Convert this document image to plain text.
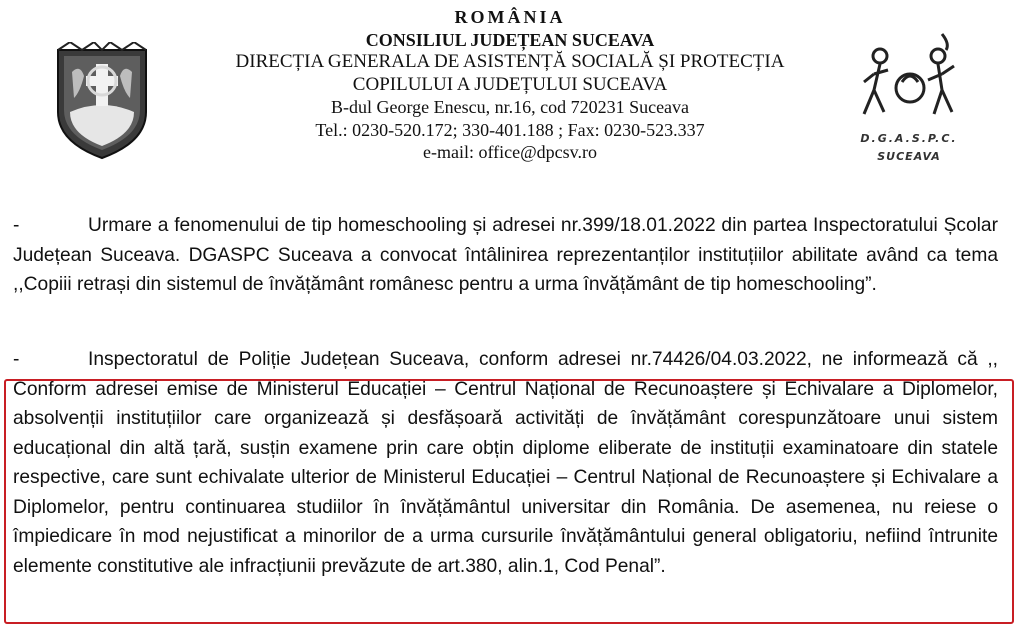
ROMÂNIA
CONSILIUL JUDEȚEAN SUCEAVA
DIRECȚIA GENERALA DE ASISTENȚĂ SOCIALĂ ȘI PROTECȚIA
COPILULUI A JUDEȚULUI SUCEAVA
B-dul George Enescu, nr.16, cod 720231 Suceava
Tel.: 0230-520.172; 330-401.188 ; Fax: 0230-523.337
e-mail: office@dpcsv.ro
D.G.A.S.P.C.
SUCEAVA
-	Urmare a fenomenului de tip homeschooling și adresei nr.399/18.01.2022 din partea Inspectoratului Școlar Județean Suceava. DGASPC Suceava a convocat întâlinirea reprezentanților instituțiilor abilitate având ca tema ,,Copiii retrași din sistemul de învățământ românesc pentru a urma învățământ de tip homeschooling”.
-	Inspectoratul de Poliție Județean Suceava, conform adresei nr.74426/04.03.2022, ne informează că ,, Conform adresei emise de Ministerul Educației – Centrul Național de Recunoaștere și Echivalare a Diplomelor, absolvenții instituțiilor care organizează și desfășoară activități de învățământ corespunzătoare unui sistem educațional din altă țară, susțin examene prin care obțin diplome eliberate de instituții examinatoare din statele respective, care sunt echivalate ulterior de Ministerul Educației – Centrul Național de Recunoaștere și Echivalare a Diplomelor, pentru continuarea studiilor în învățământul universitar din România. De asemenea, nu reiese o împiedicare în mod nejustificat a minorilor de a urma cursurile învățământului general obligatoriu, nefiind întrunite elemente constitutive ale infracțiunii prevăzute de art.380, alin.1, Cod Penal”.
